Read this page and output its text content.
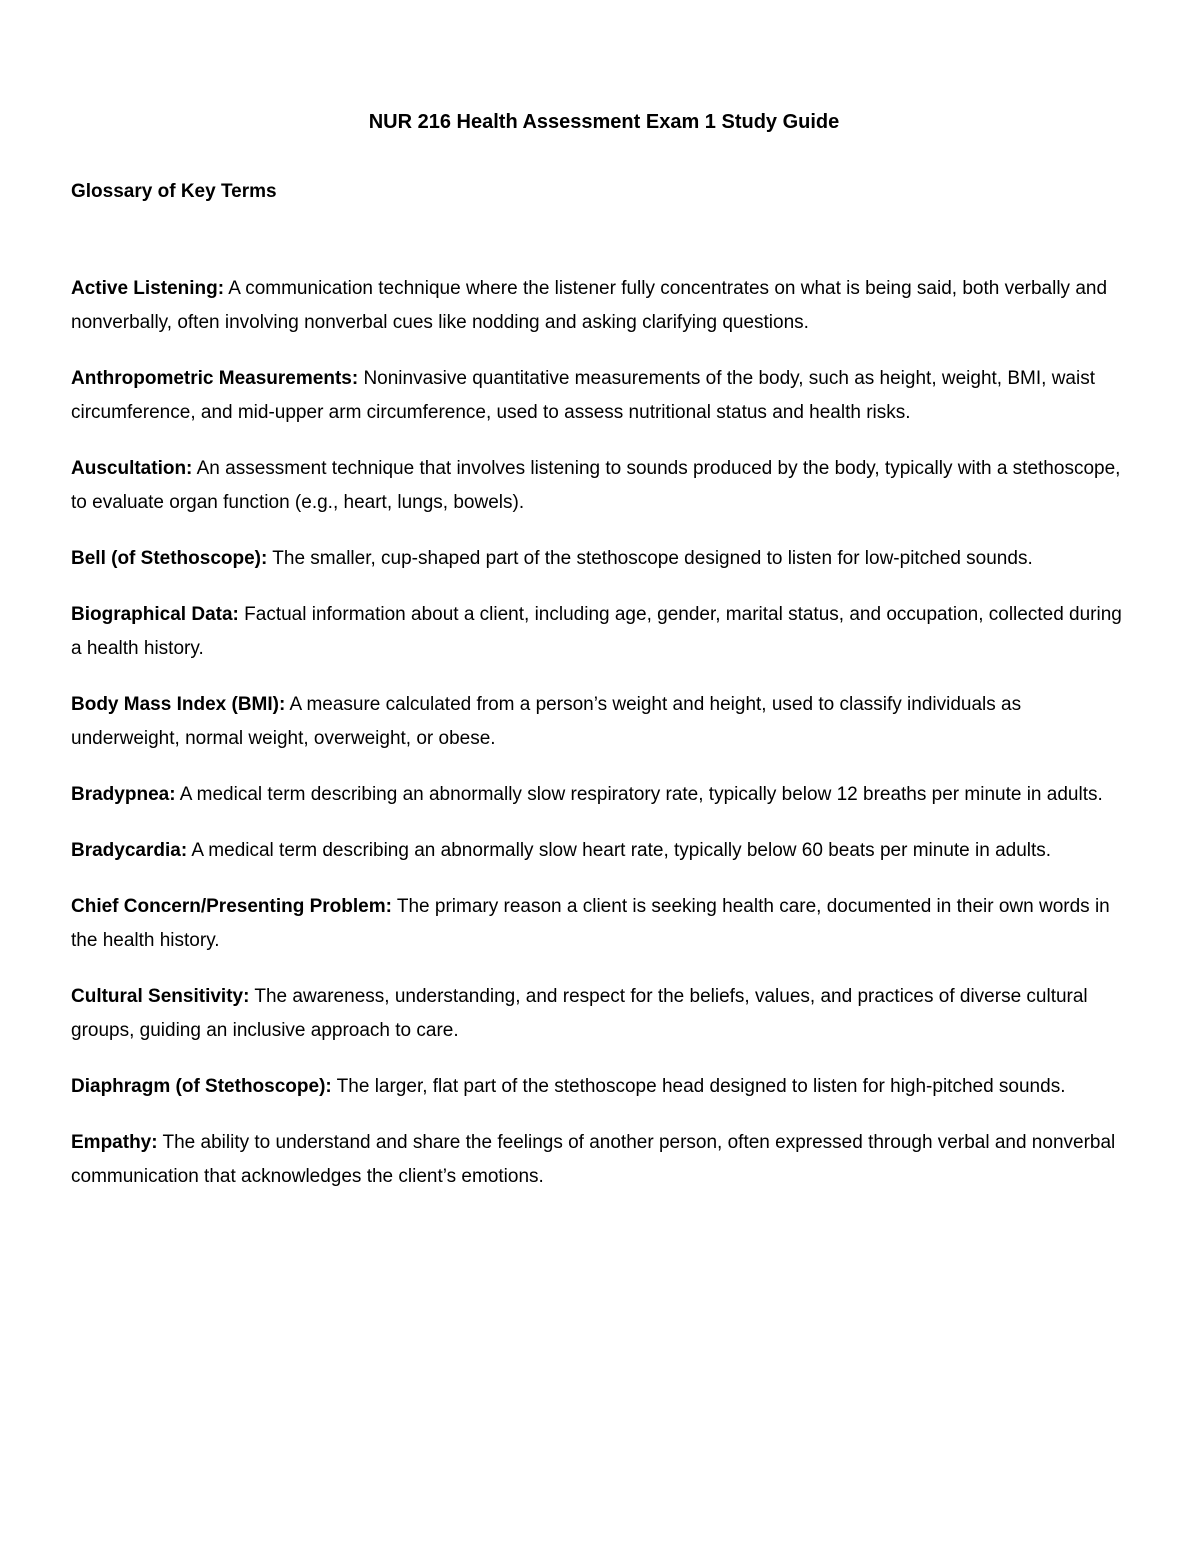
NUR 216 Health Assessment Exam 1 Study Guide
Glossary of Key Terms

Active Listening: A communication technique where the listener fully concentrates on what is being said, both verbally and nonverbally, often involving nonverbal cues like nodding and asking clarifying questions.

Anthropometric Measurements: Noninvasive quantitative measurements of the body, such as height, weight, BMI, waist circumference, and mid-upper arm circumference, used to assess nutritional status and health risks.

Auscultation: An assessment technique that involves listening to sounds produced by the body, typically with a stethoscope, to evaluate organ function (e.g., heart, lungs, bowels).

Bell (of Stethoscope): The smaller, cup-shaped part of the stethoscope designed to listen for low-pitched sounds.

Biographical Data: Factual information about a client, including age, gender, marital status, and occupation, collected during a health history.

Body Mass Index (BMI): A measure calculated from a person’s weight and height, used to classify individuals as underweight, normal weight, overweight, or obese.

Bradypnea: A medical term describing an abnormally slow respiratory rate, typically below 12 breaths per minute in adults.

Bradycardia: A medical term describing an abnormally slow heart rate, typically below 60 beats per minute in adults.

Chief Concern/Presenting Problem: The primary reason a client is seeking health care, documented in their own words in the health history.

Cultural Sensitivity: The awareness, understanding, and respect for the beliefs, values, and practices of diverse cultural groups, guiding an inclusive approach to care.

Diaphragm (of Stethoscope): The larger, flat part of the stethoscope head designed to listen for high-pitched sounds.

Empathy: The ability to understand and share the feelings of another person, often expressed through verbal and nonverbal communication that acknowledges the client’s emotions.
